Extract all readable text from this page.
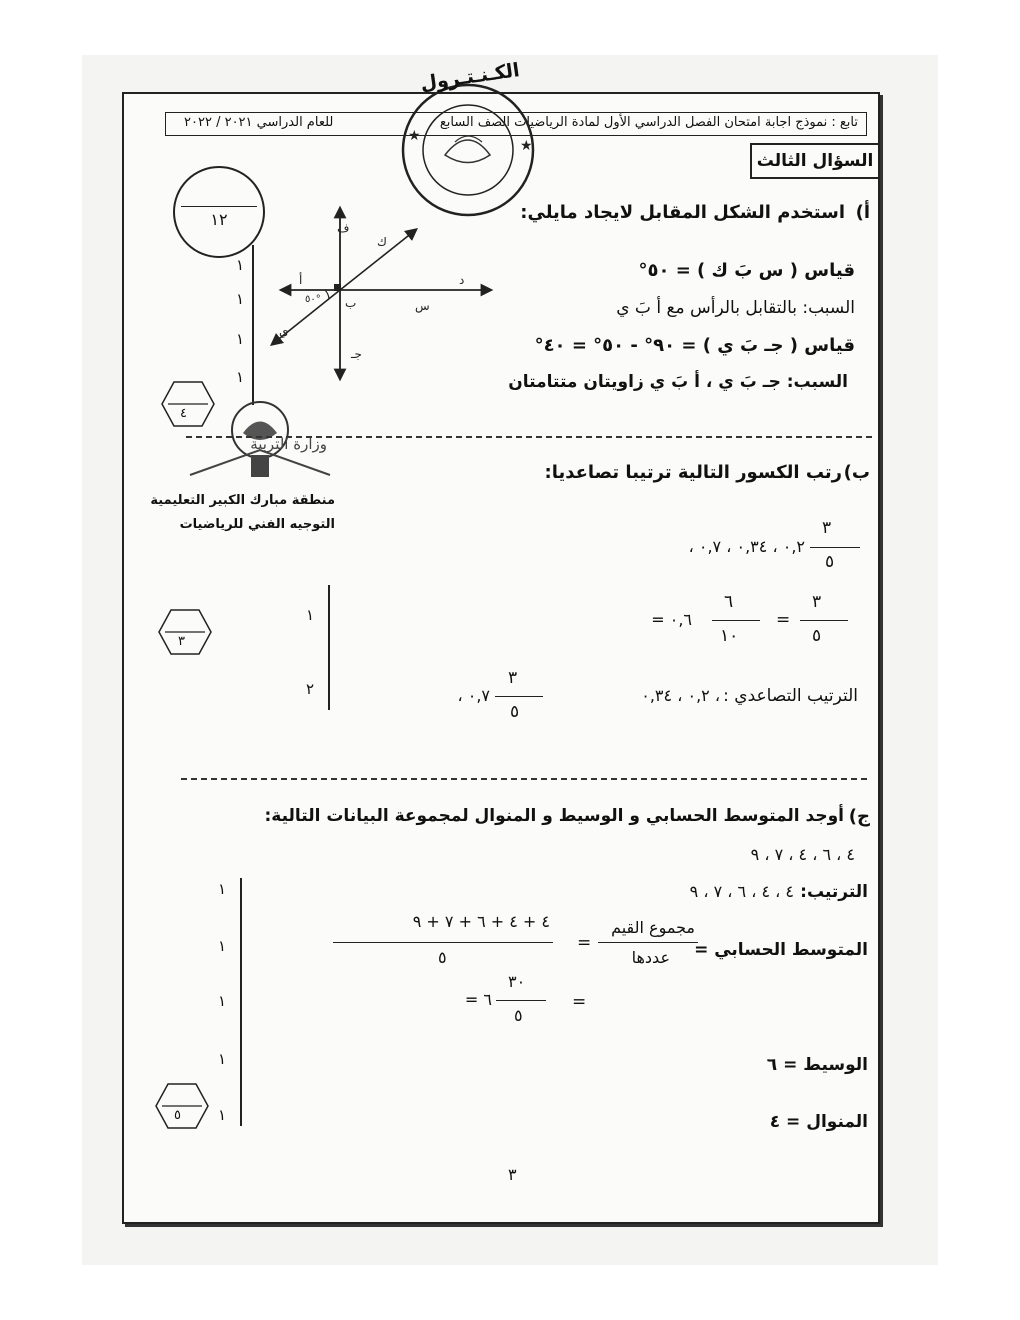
تابع : نموذج اجابة امتحان الفصل الدراسي الأول لمادة الرياضيات الصف السابع
للعام الدراسي ٢٠٢١ / ٢٠٢٢
★
★
الكـنـتـرول
السؤال الثالث
١٢	أ)
استخدم الشكل المقابل لايجاد مايلي:
قياس ( س بَ ك ) = ٥٠°
السبب: بالتقابل بالرأس مع أ بَ ي
قياس ( جـ بَ ي ) = ٩٠° - ٥٠° = ٤٠°
السبب: جـ بَ ي ، أ بَ ي زاويتان متتامتان
ف
ك
أ
ب
د
س
ي
جـ
٥٠°
١
١
١
١
٤
وزارة التربية
منطقة مبارك الكبير التعليمية
التوجيه الفني للرياضيات
ب)
رتب الكسور التالية ترتيبا تصاعديا:
٣
٥
، ٠,٢ ، ٠,٣٤ ، ٠,٧
٣
٥
=
٦
١٠
= ٠,٦
الترتيب التصاعدي :
٠,٢ ، ٠,٣٤ ،
٣
٥
، ٠,٧
١
٢
٣
ج)
أوجد المتوسط الحسابي و الوسيط و المنوال لمجموعة البيانات التالية:
٤ ، ٦ ، ٤ ، ٧ ، ٩
الترتيب:
٤ ، ٤ ، ٦ ، ٧ ، ٩
المتوسط الحسابي =
مجموع القيم
عددها
=
٤ + ٤ + ٦ + ٧ + ٩
٥
=
٣٠
٥
= ٦
الوسيط = ٦
المنوال = ٤
١
١
١
١
١
٥
٣
